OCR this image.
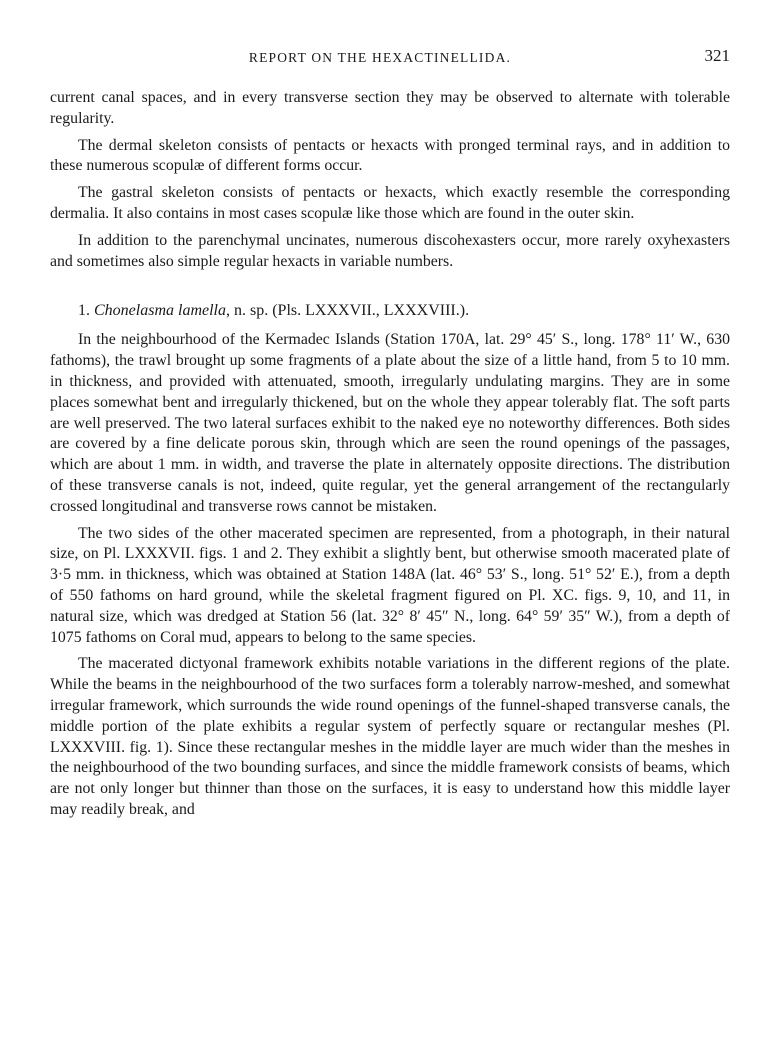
REPORT ON THE HEXACTINELLIDA.	321

current canal spaces, and in every transverse section they may be observed to alternate with tolerable regularity.

The dermal skeleton consists of pentacts or hexacts with pronged terminal rays, and in addition to these numerous scopulæ of different forms occur.

The gastral skeleton consists of pentacts or hexacts, which exactly resemble the corresponding dermalia. It also contains in most cases scopulæ like those which are found in the outer skin.

In addition to the parenchymal uncinates, numerous discohexasters occur, more rarely oxyhexasters and sometimes also simple regular hexacts in variable numbers.

1. Chonelasma lamella, n. sp. (Pls. LXXXVII., LXXXVIII.).

In the neighbourhood of the Kermadec Islands (Station 170A, lat. 29° 45′ S., long. 178° 11′ W., 630 fathoms), the trawl brought up some fragments of a plate about the size of a little hand, from 5 to 10 mm. in thickness, and provided with attenuated, smooth, irregularly undulating margins. They are in some places somewhat bent and irregularly thickened, but on the whole they appear tolerably flat. The soft parts are well preserved. The two lateral surfaces exhibit to the naked eye no noteworthy differences. Both sides are covered by a fine delicate porous skin, through which are seen the round openings of the passages, which are about 1 mm. in width, and traverse the plate in alternately opposite directions. The distribution of these transverse canals is not, indeed, quite regular, yet the general arrangement of the rectangularly crossed longitudinal and transverse rows cannot be mistaken.

The two sides of the other macerated specimen are represented, from a photograph, in their natural size, on Pl. LXXXVII. figs. 1 and 2. They exhibit a slightly bent, but otherwise smooth macerated plate of 3·5 mm. in thickness, which was obtained at Station 148A (lat. 46° 53′ S., long. 51° 52′ E.), from a depth of 550 fathoms on hard ground, while the skeletal fragment figured on Pl. XC. figs. 9, 10, and 11, in natural size, which was dredged at Station 56 (lat. 32° 8′ 45″ N., long. 64° 59′ 35″ W.), from a depth of 1075 fathoms on Coral mud, appears to belong to the same species.

The macerated dictyonal framework exhibits notable variations in the different regions of the plate. While the beams in the neighbourhood of the two surfaces form a tolerably narrow-meshed, and somewhat irregular framework, which surrounds the wide round openings of the funnel-shaped transverse canals, the middle portion of the plate exhibits a regular system of perfectly square or rectangular meshes (Pl. LXXXVIII. fig. 1). Since these rectangular meshes in the middle layer are much wider than the meshes in the neighbourhood of the two bounding surfaces, and since the middle framework consists of beams, which are not only longer but thinner than those on the surfaces, it is easy to understand how this middle layer may readily break, and
